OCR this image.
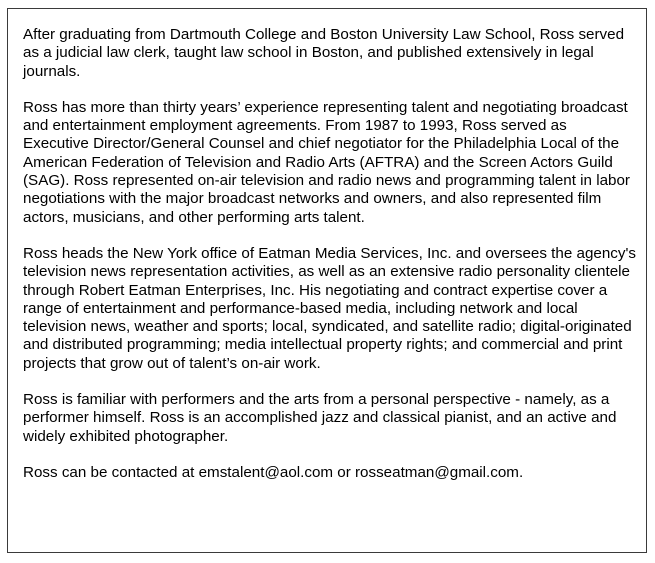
After graduating from Dartmouth College and Boston University Law School, Ross served as a judicial law clerk, taught law school in Boston, and published extensively in legal journals.

Ross has more than thirty years’ experience representing talent and negotiating broadcast and entertainment employment agreements. From 1987 to 1993, Ross served as Executive Director/General Counsel and chief negotiator for the Philadelphia Local of the American Federation of Television and Radio Arts (AFTRA) and the Screen Actors Guild (SAG). Ross represented on-air television and radio news and programming talent in labor negotiations with the major broadcast networks and owners, and also represented film actors, musicians, and other performing arts talent.

Ross heads the New York office of Eatman Media Services, Inc. and oversees the agency's television news representation activities, as well as an extensive radio personality clientele through Robert Eatman Enterprises, Inc. His negotiating and contract expertise cover a range of entertainment and performance-based media, including network and local television news, weather and sports; local, syndicated, and satellite radio; digital-originated and distributed programming; media intellectual property rights; and commercial and print projects that grow out of talent’s on-air work.

Ross is familiar with performers and the arts from a personal perspective - namely, as a performer himself. Ross is an accomplished jazz and classical pianist, and an active and widely exhibited photographer.

Ross can be contacted at emstalent@aol.com or rosseatman@gmail.com.
